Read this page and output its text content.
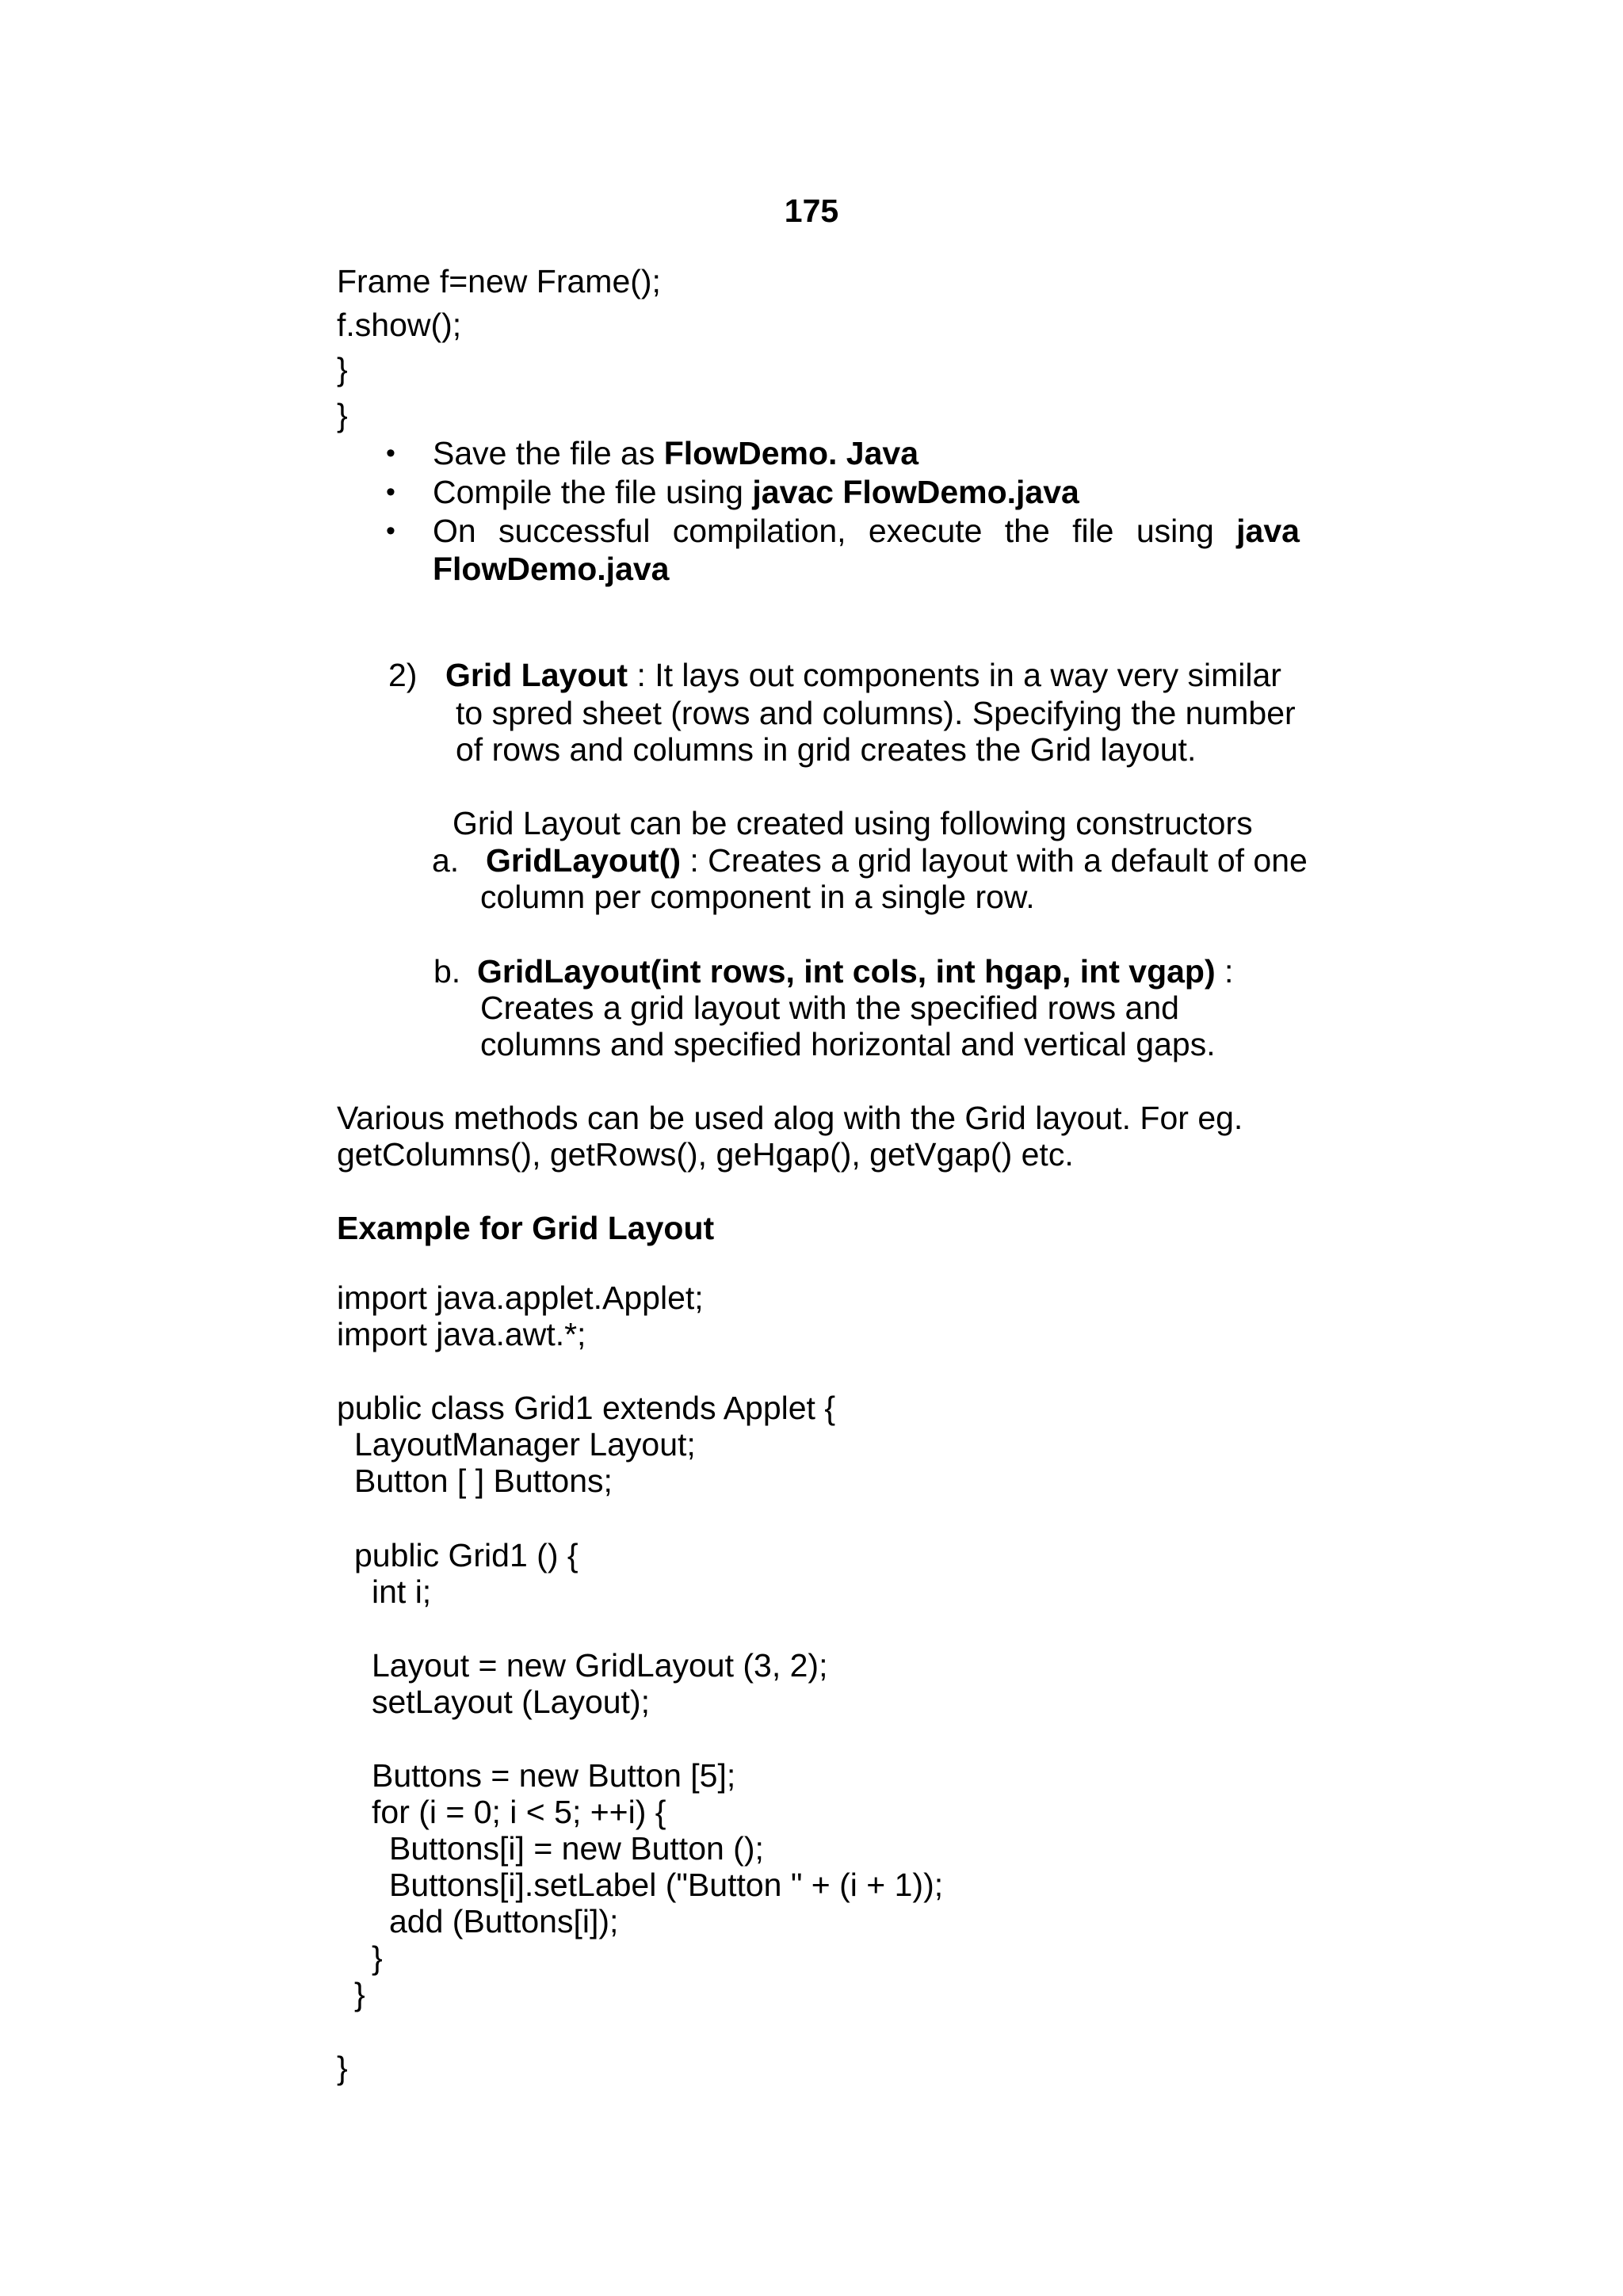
175
Frame f=new Frame();
f.show();
}
}
• Save the file as FlowDemo. Java
• Compile the file using javac FlowDemo.java
• On successful compilation, execute the file using java
FlowDemo.java
2) Grid Layout : It lays out components in a way very similar
to spred sheet (rows and columns). Specifying the number
of rows and columns in grid creates the Grid layout.
Grid Layout can be created using following constructors
a. GridLayout() : Creates a grid layout with a default of one
column per component in a single row.
b. GridLayout(int rows, int cols, int hgap, int vgap) :
Creates a grid layout with the specified rows and
columns and specified horizontal and vertical gaps.
Various methods can be used alog with the Grid layout. For eg.
getColumns(), getRows(), geHgap(), getVgap() etc.
Example for Grid Layout
import java.applet.Applet;
import java.awt.*;
public class Grid1 extends Applet {
LayoutManager Layout;
Button [ ] Buttons;
public Grid1 () {
int i;
Layout = new GridLayout (3, 2);
setLayout (Layout);
Buttons = new Button [5];
for (i = 0; i < 5; ++i) {
Buttons[i] = new Button ();
Buttons[i].setLabel ("Button " + (i + 1));
add (Buttons[i]);
}
}
}
